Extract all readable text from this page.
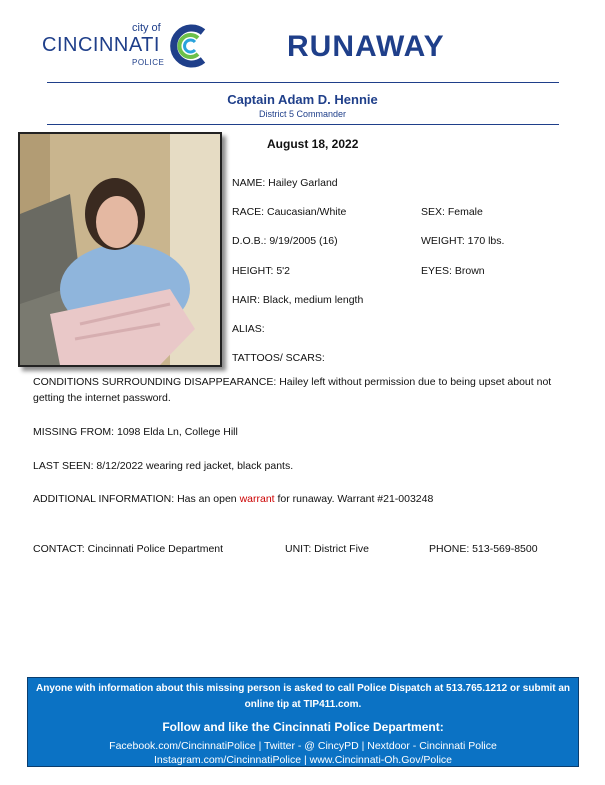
city of
CINCINNATI
POLICE	RUNAWAY
Captain Adam D. Hennie
District 5 Commander
August 18, 2022
NAME: Hailey Garland
RACE: Caucasian/White	SEX: Female
D.O.B.: 9/19/2005 (16)	WEIGHT: 170 lbs.
HEIGHT: 5'2	EYES: Brown
HAIR: Black, medium length
ALIAS:
TATTOOS/ SCARS:
CONDITIONS SURROUNDING DISAPPEARANCE: Hailey left without permission due to being upset about not getting the internet password.
MISSING FROM: 1098 Elda Ln, College Hill
LAST SEEN: 8/12/2022 wearing red jacket, black pants.
ADDITIONAL INFORMATION: Has an open warrant for runaway. Warrant #21-003248
CONTACT: Cincinnati Police Department	UNIT: District Five	PHONE: 513-569-8500
Anyone with information about this missing person is asked to call Police Dispatch at 513.765.1212 or submit an online tip at TIP411.com.
Follow and like the Cincinnati Police Department:
Facebook.com/CincinnatiPolice | Twitter - @ CincyPD | Nextdoor - Cincinnati Police
Instagram.com/CincinnatiPolice | www.Cincinnati-Oh.Gov/Police
